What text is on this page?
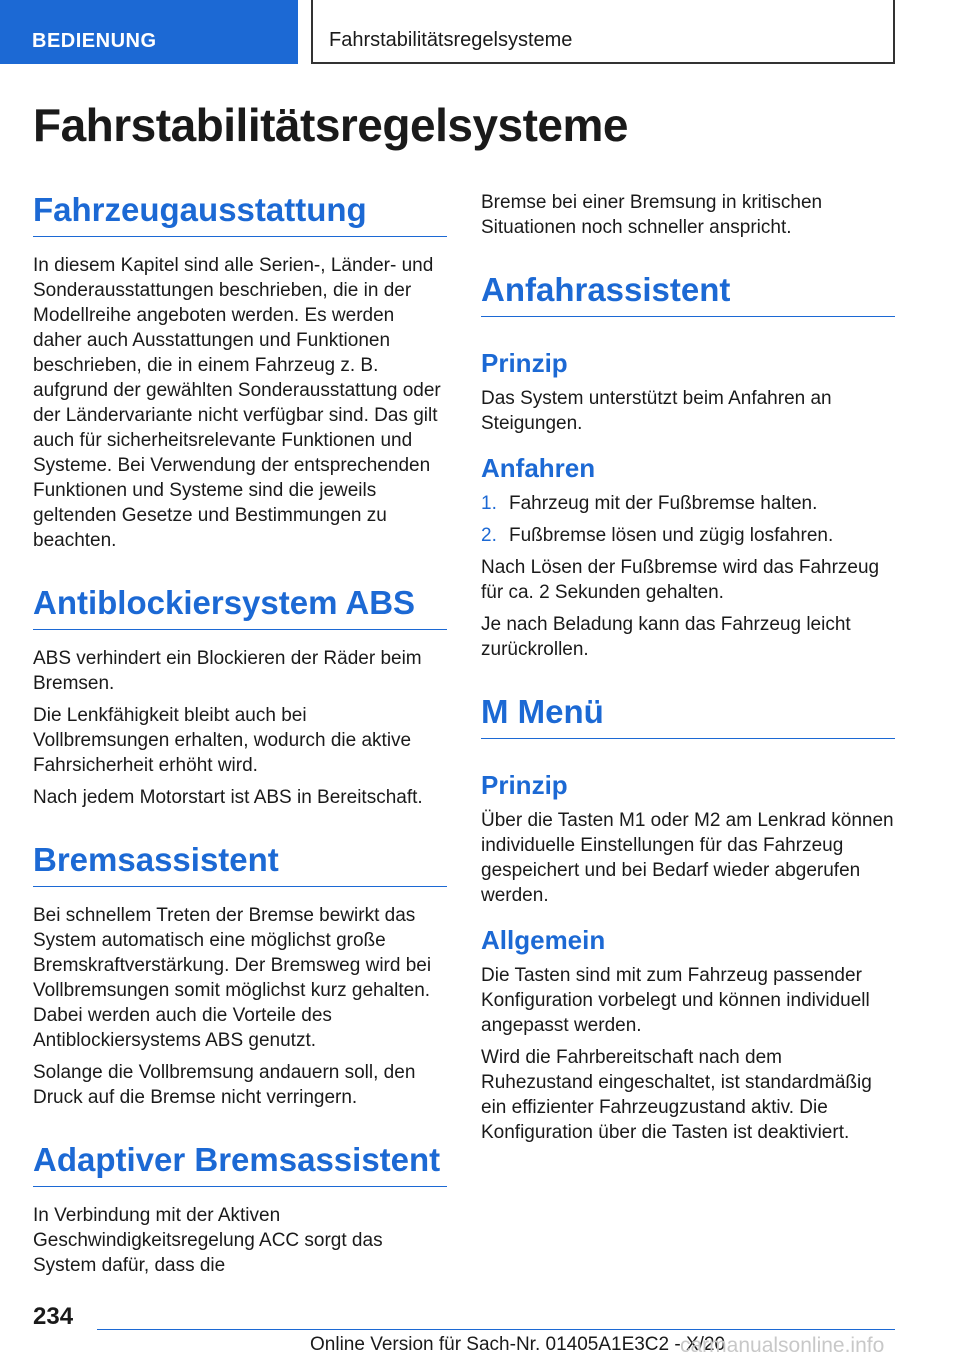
BEDIENUNG	Fahrstabilitätsregelsysteme
Fahrstabilitätsregelsysteme
Fahrzeugausstattung

In diesem Kapitel sind alle Serien-, Länder- und Sonderausstattungen beschrieben, die in der Modellreihe angeboten werden. Es werden daher auch Ausstattungen und Funktionen beschrieben, die in einem Fahrzeug z. B. aufgrund der gewählten Sonderausstattung oder der Ländervariante nicht verfügbar sind. Das gilt auch für sicherheitsrelevante Funktionen und Systeme. Bei Verwendung der entsprechenden Funktionen und Systeme sind die jeweils geltenden Gesetze und Bestimmungen zu beachten.

Antiblockiersystem ABS

ABS verhindert ein Blockieren der Räder beim Bremsen.

Die Lenkfähigkeit bleibt auch bei Vollbremsungen erhalten, wodurch die aktive Fahrsicherheit erhöht wird.

Nach jedem Motorstart ist ABS in Bereitschaft.

Bremsassistent

Bei schnellem Treten der Bremse bewirkt das System automatisch eine möglichst große Bremskraftverstärkung. Der Bremsweg wird bei Vollbremsungen somit möglichst kurz gehalten. Dabei werden auch die Vorteile des Antiblockiersystems ABS genutzt.

Solange die Vollbremsung andauern soll, den Druck auf die Bremse nicht verringern.

Adaptiver Bremsassistent

In Verbindung mit der Aktiven Geschwindigkeitsregelung ACC sorgt das System dafür, dass die

Bremse bei einer Bremsung in kritischen Situationen noch schneller anspricht.

Anfahrassistent
Prinzip

Das System unterstützt beim Anfahren an Steigungen.

Anfahren
1. Fahrzeug mit der Fußbremse halten.
2. Fußbremse lösen und zügig losfahren.

Nach Lösen der Fußbremse wird das Fahrzeug für ca. 2 Sekunden gehalten.

Je nach Beladung kann das Fahrzeug leicht zurückrollen.

M Menü
Prinzip

Über die Tasten M1 oder M2 am Lenkrad können individuelle Einstellungen für das Fahrzeug gespeichert und bei Bedarf wieder abgerufen werden.

Allgemein

Die Tasten sind mit zum Fahrzeug passender Konfiguration vorbelegt und können individuell angepasst werden.

Wird die Fahrbereitschaft nach dem Ruhezustand eingeschaltet, ist standardmäßig ein effizienter Fahrzeugzustand aktiv. Die Konfiguration über die Tasten ist deaktiviert.

234
Online Version für Sach-Nr. 01405A1E3C2 - X/20
carmanualsonline.info
